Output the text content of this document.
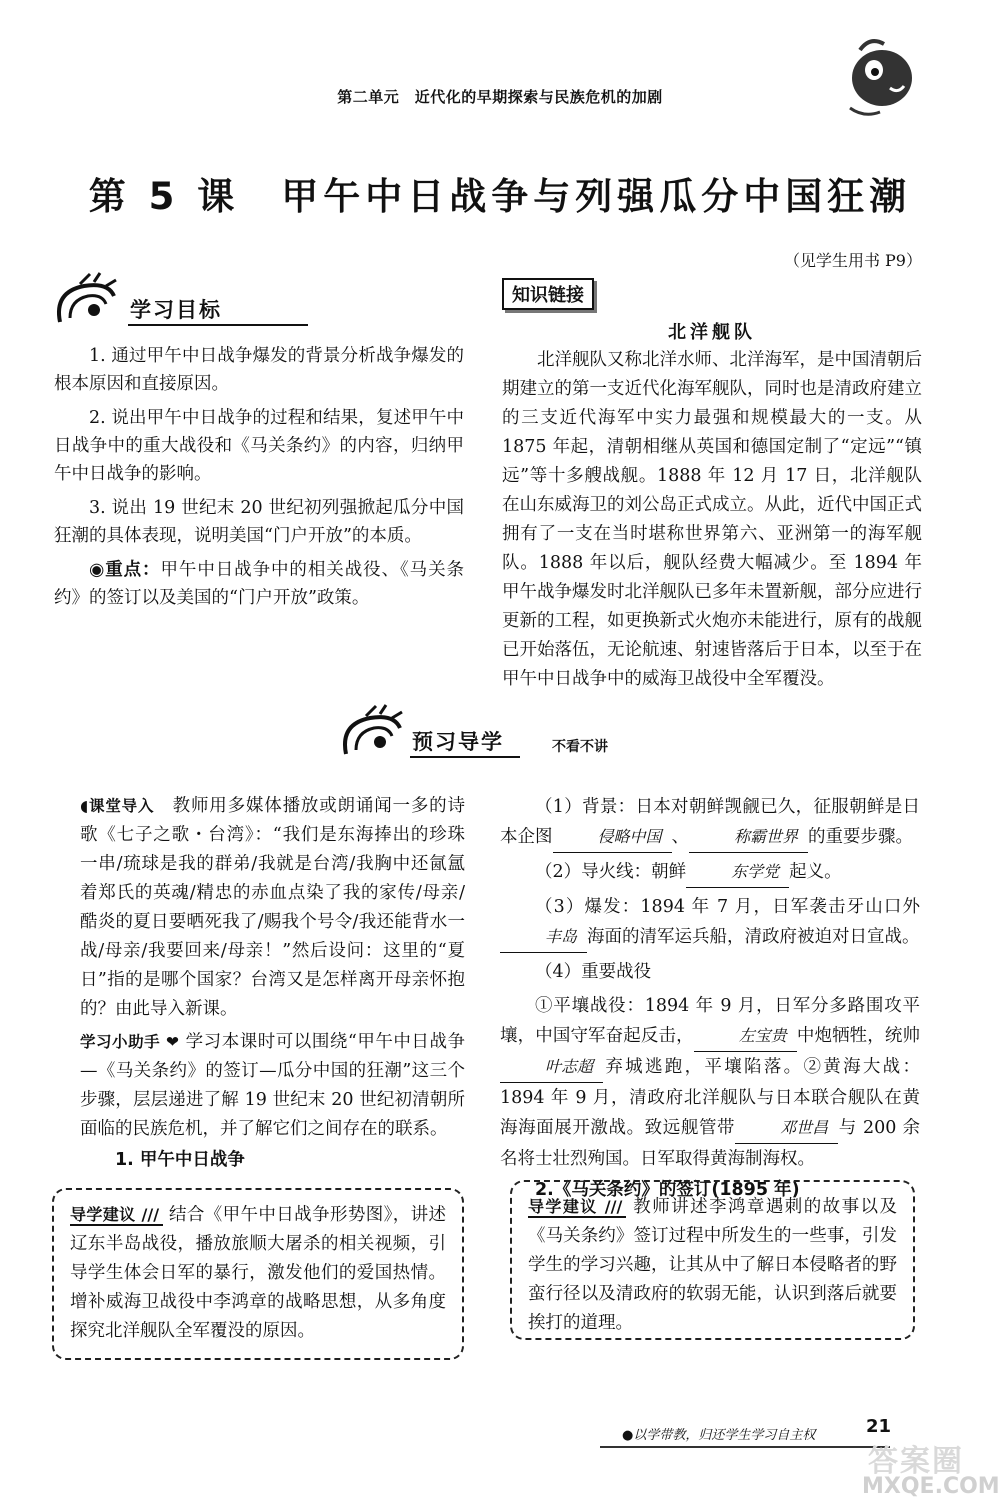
第二单元　近代化的早期探索与民族危机的加剧
第 5 课　甲午中日战争与列强瓜分中国狂潮
（见学生用书 P9）
学习目标

1. 通过甲午中日战争爆发的背景分析战争爆发的根本原因和直接原因。

2. 说出甲午中日战争的过程和结果，复述甲午中日战争中的重大战役和《马关条约》的内容，归纳甲午中日战争的影响。

3. 说出 19 世纪末 20 世纪初列强掀起瓜分中国狂潮的具体表现，说明美国“门户开放”的本质。

◉重点：甲午中日战争中的相关战役、《马关条约》的签订以及美国的“门户开放”政策。

知识链接
北洋舰队

北洋舰队又称北洋水师、北洋海军，是中国清朝后期建立的第一支近代化海军舰队，同时也是清政府建立的三支近代海军中实力最强和规模最大的一支。从 1875 年起，清朝相继从英国和德国定制了“定远”“镇远”等十多艘战舰。1888 年 12 月 17 日，北洋舰队在山东威海卫的刘公岛正式成立。从此，近代中国正式拥有了一支在当时堪称世界第六、亚洲第一的海军舰队。1888 年以后，舰队经费大幅减少。至 1894 年甲午战争爆发时北洋舰队已多年未置新舰，部分应进行更新的工程，如更换新式火炮亦未能进行，原有的战舰已开始落伍，无论航速、射速皆落后于日本，以至于在甲午中日战争中的威海卫战役中全军覆没。

预习导学	不看不讲

◖课堂导入　 教师用多媒体播放或朗诵闻一多的诗歌《七子之歌・台湾》：“我们是东海捧出的珍珠一串/琉球是我的群弟/我就是台湾/我胸中还氤氲着郑氏的英魂/精忠的赤血点染了我的家传/母亲/酷炎的夏日要晒死我了/赐我个号令/我还能背水一战/母亲/我要回来/母亲！”然后设问：这里的“夏日”指的是哪个国家？台湾又是怎样离开母亲怀抱的？由此导入新课。

学习小助手 ❤ 学习本课时可以围绕“甲午中日战争—《马关条约》的签订—瓜分中国的狂潮”这三个步骤，层层递进了解 19 世纪末 20 世纪初清朝所面临的民族危机，并了解它们之间存在的联系。

1. 甲午中日战争

导学建议 /// 结合《甲午中日战争形势图》，讲述辽东半岛战役，播放旅顺大屠杀的相关视频，引导学生体会日军的暴行，激发他们的爱国热情。增补威海卫战役中李鸿章的战略思想，从多角度探究北洋舰队全军覆没的原因。

（1）背景：日本对朝鲜觊觎已久，征服朝鲜是日本企图	侵略中国 、	称霸世界 的重要步骤。

（2）导火线：朝鲜	东学党 起义。

（3）爆发：1894 年 7 月，日军袭击牙山口外丰岛 海面的清军运兵船，清政府被迫对日宣战。

（4）重要战役

①平壤战役：1894 年 9 月，日军分多路围攻平壤，中国守军奋起反击，	左宝贵 中炮牺牲，统帅叶志超 弃城逃跑，平壤陷落。②黄海大战：1894 年 9 月，清政府北洋舰队与日本联合舰队在黄海海面展开激战。致远舰管带	邓世昌 与 200 余名将士壮烈殉国。日军取得黄海制海权。

2.《马关条约》的签订(1895 年)

导学建议 /// 教师讲述李鸿章遇刺的故事以及《马关条约》签订过程中所发生的一些事，引发学生的学习兴趣，让其从中了解日本侵略者的野蛮行径以及清政府的软弱无能，认识到落后就要挨打的道理。
●以学带教，归还学生学习自主权	21
答案圈
MXQE.COM
